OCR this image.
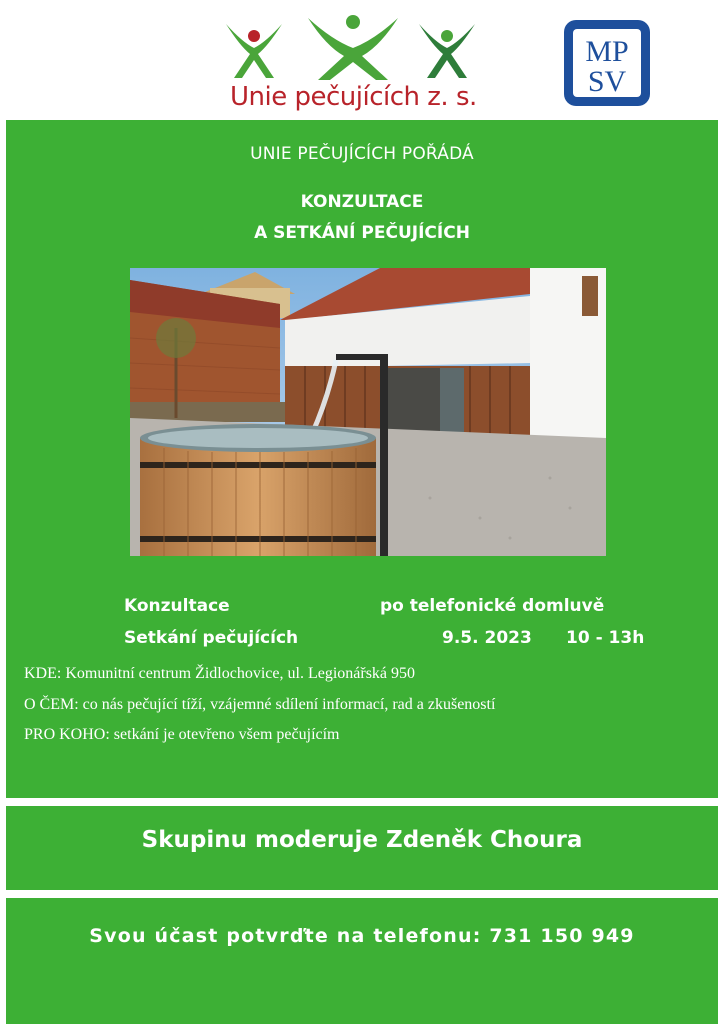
Unie pečujících z. s.
MP
SV
UNIE PEČUJÍCÍCH POŘÁDÁ
KONZULTACE
A SETKÁNÍ PEČUJÍCÍCH
Konzultace	po telefonické domluvě
Setkání pečujících	9.5. 2023 10 - 13h
KDE: Komunitní centrum Židlochovice, ul. Legionářská 950
O ČEM: co nás pečující tíží, vzájemné sdílení informací, rad a zkušeností
PRO KOHO: setkání je otevřeno všem pečujícím
Skupinu moderuje Zdeněk Choura
Svou účast potvrďte na telefonu: 731 150 949
